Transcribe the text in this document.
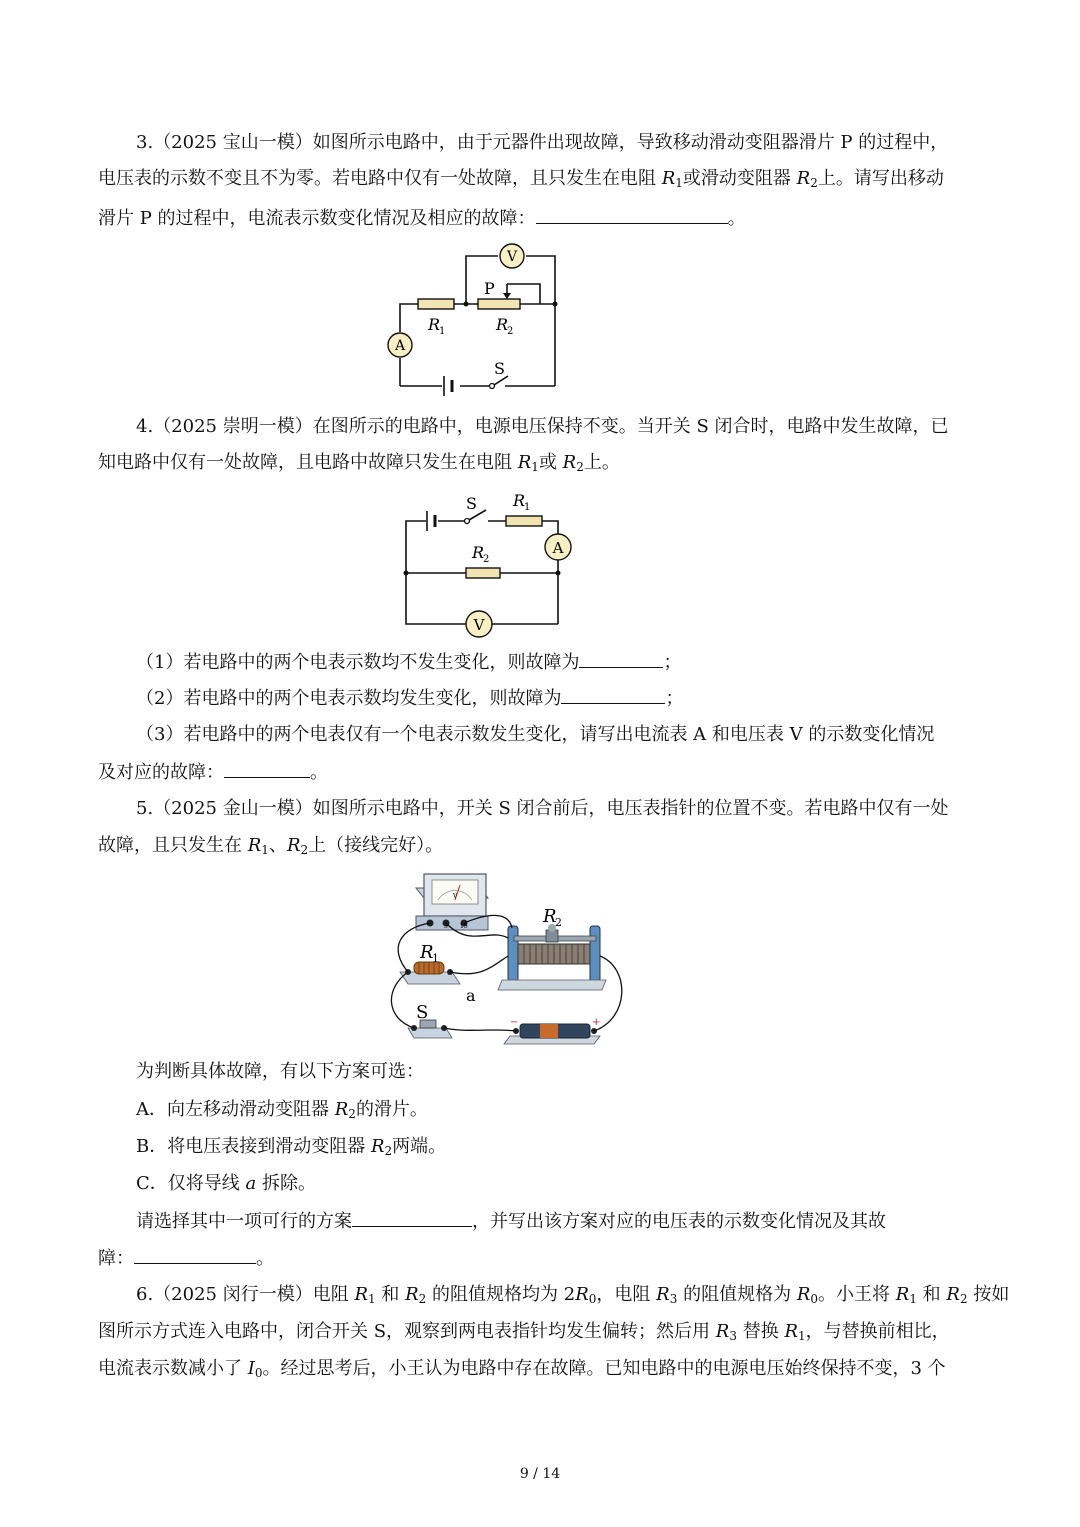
3.（2025 宝山一模）如图所示电路中，由于元器件出现故障，导致移动滑动变阻器滑片 P 的过程中，
电压表的示数不变且不为零。若电路中仅有一处故障，且只发生在电阻 $R_1$或滑动变阻器 $R_2$上。请写出移动
滑片 P 的过程中，电流表示数变化情况及相应的故障：	。
V
A
P
R
1	R
2
S
4.（2025 崇明一模）在图所示的电路中，电源电压保持不变。当开关 S 闭合时，电路中发生故障，已
知电路中仅有一处故障，且电路中故障只发生在电阻 $R_1$或 $R_2$上。
A
V
S R
1
R
2
（1）若电路中的两个电表示数均不发生变化，则故障为	；
（2）若电路中的两个电表示数均发生变化，则故障为	；
（3）若电路中的两个电表仅有一个电表示数发生变化，请写出电流表 A 和电压表 V 的示数变化情况
及对应的故障：	。
5.（2025 金山一模）如图所示电路中，开关 S 闭合前后，电压表指针的位置不变。若电路中仅有一处
故障，且只发生在 $R_1$、$R_2$上（接线完好）。
V
3 15	R
2
R
1
a
S	−	+
为判断具体故障，有以下方案可选：
A．向左移动滑动变阻器 $R_2$的滑片。
B．将电压表接到滑动变阻器 $R_2$两端。
C．仅将导线 a 拆除。
请选择其中一项可行的方案	，并写出该方案对应的电压表的示数变化情况及其故
障：	。
6.（2025 闵行一模）电阻 $R_1$ 和 $R_2$ 的阻值规格均为 $2R_0$，电阻 $R_3$ 的阻值规格为 $R_0$。小王将 $R_1$ 和 $R_2$ 按如
图所示方式连入电路中，闭合开关 S，观察到两电表指针均发生偏转；然后用 $R_3$ 替换 $R_1$，与替换前相比，
电流表示数减小了 $I_0$。经过思考后，小王认为电路中存在故障。已知电路中的电源电压始终保持不变，3 个
9 / 14
